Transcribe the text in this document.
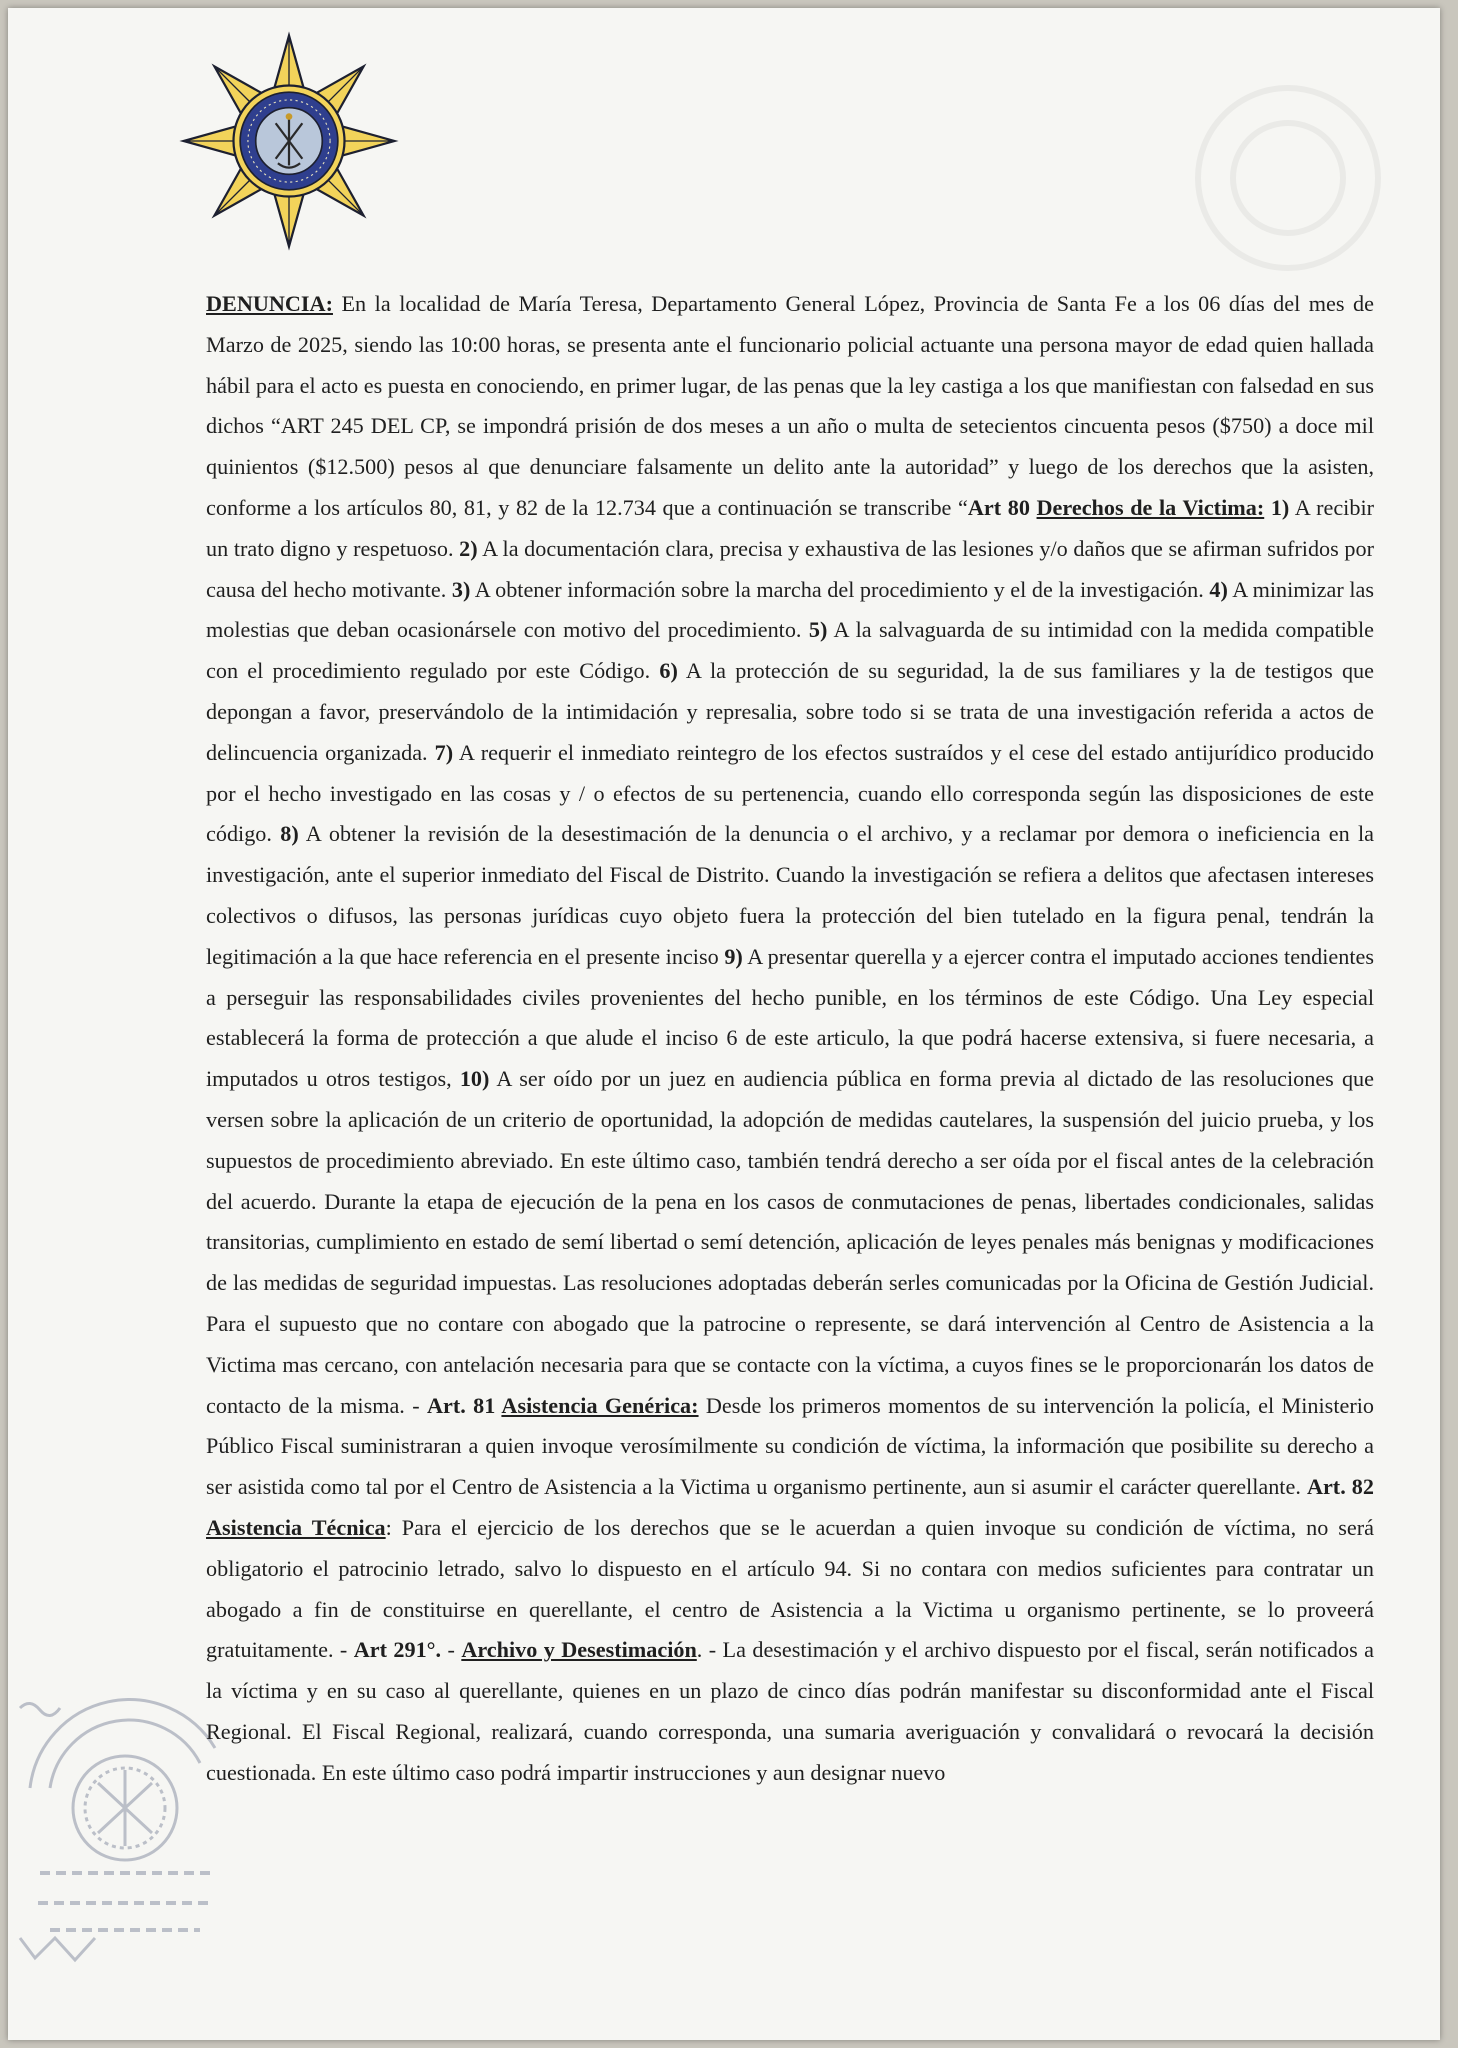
DENUNCIA: En la localidad de María Teresa, Departamento General López, Provincia de Santa Fe a los 06 días del mes de Marzo de 2025, siendo las 10:00 horas, se presenta ante el funcionario policial actuante una persona mayor de edad quien hallada hábil para el acto es puesta en conociendo, en primer lugar, de las penas que la ley castiga a los que manifiestan con falsedad en sus dichos “ART 245 DEL CP, se impondrá prisión de dos meses a un año o multa de setecientos cincuenta pesos ($750) a doce mil quinientos ($12.500) pesos al que denunciare falsamente un delito ante la autoridad” y luego de los derechos que la asisten, conforme a los artículos 80, 81, y 82 de la 12.734 que a continuación se transcribe “Art 80 Derechos de la Victima: 1) A recibir un trato digno y respetuoso. 2) A la documentación clara, precisa y exhaustiva de las lesiones y/o daños que se afirman sufridos por causa del hecho motivante. 3) A obtener información sobre la marcha del procedimiento y el de la investigación. 4) A minimizar las molestias que deban ocasionársele con motivo del procedimiento. 5) A la salvaguarda de su intimidad con la medida compatible con el procedimiento regulado por este Código. 6) A la protección de su seguridad, la de sus familiares y la de testigos que depongan a favor, preservándolo de la intimidación y represalia, sobre todo si se trata de una investigación referida a actos de delincuencia organizada. 7) A requerir el inmediato reintegro de los efectos sustraídos y el cese del estado antijurídico producido por el hecho investigado en las cosas y / o efectos de su pertenencia, cuando ello corresponda según las disposiciones de este código. 8) A obtener la revisión de la desestimación de la denuncia o el archivo, y a reclamar por demora o ineficiencia en la investigación, ante el superior inmediato del Fiscal de Distrito. Cuando la investigación se refiera a delitos que afectasen intereses colectivos o difusos, las personas jurídicas cuyo objeto fuera la protección del bien tutelado en la figura penal, tendrán la legitimación a la que hace referencia en el presente inciso 9) A presentar querella y a ejercer contra el imputado acciones tendientes a perseguir las responsabilidades civiles provenientes del hecho punible, en los términos de este Código. Una Ley especial establecerá la forma de protección a que alude el inciso 6 de este articulo, la que podrá hacerse extensiva, si fuere necesaria, a imputados u otros testigos, 10) A ser oído por un juez en audiencia pública en forma previa al dictado de las resoluciones que versen sobre la aplicación de un criterio de oportunidad, la adopción de medidas cautelares, la suspensión del juicio prueba, y los supuestos de procedimiento abreviado. En este último caso, también tendrá derecho a ser oída por el fiscal antes de la celebración del acuerdo. Durante la etapa de ejecución de la pena en los casos de conmutaciones de penas, libertades condicionales, salidas transitorias, cumplimiento en estado de semí libertad o semí detención, aplicación de leyes penales más benignas y modificaciones de las medidas de seguridad impuestas. Las resoluciones adoptadas deberán serles comunicadas por la Oficina de Gestión Judicial. Para el supuesto que no contare con abogado que la patrocine o represente, se dará intervención al Centro de Asistencia a la Victima mas cercano, con antelación necesaria para que se contacte con la víctima, a cuyos fines se le proporcionarán los datos de contacto de la misma. - Art. 81 Asistencia Genérica: Desde los primeros momentos de su intervención la policía, el Ministerio Público Fiscal suministraran a quien invoque verosímilmente su condición de víctima, la información que posibilite su derecho a ser asistida como tal por el Centro de Asistencia a la Victima u organismo pertinente, aun si asumir el carácter querellante. Art. 82 Asistencia Técnica: Para el ejercicio de los derechos que se le acuerdan a quien invoque su condición de víctima, no será obligatorio el patrocinio letrado, salvo lo dispuesto en el artículo 94. Si no contara con medios suficientes para contratar un abogado a fin de constituirse en querellante, el centro de Asistencia a la Victima u organismo pertinente, se lo proveerá gratuitamente. - Art 291°. - Archivo y Desestimación. - La desestimación y el archivo dispuesto por el fiscal, serán notificados a la víctima y en su caso al querellante, quienes en un plazo de cinco días podrán manifestar su disconformidad ante el Fiscal Regional. El Fiscal Regional, realizará, cuando corresponda, una sumaria averiguación y convalidará o revocará la decisión cuestionada. En este último caso podrá impartir instrucciones y aun designar nuevo
